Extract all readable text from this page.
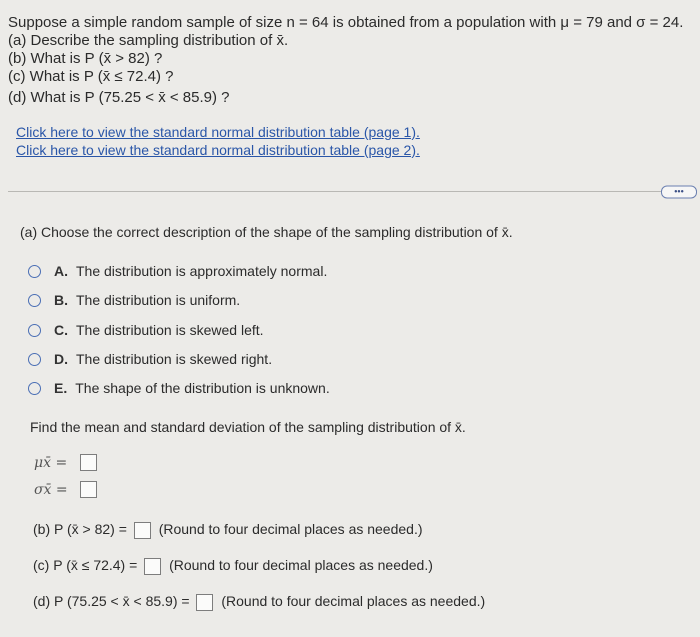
Suppose a simple random sample of size n = 64 is obtained from a population with μ = 79 and σ = 24.
(a) Describe the sampling distribution of x̄.
(b) What is P (x̄ > 82) ?
(c) What is P (x̄ ≤ 72.4) ?
(d) What is P (75.25 < x̄ < 85.9) ?
Click here to view the standard normal distribution table (page 1).
Click here to view the standard normal distribution table (page 2).
•••
(a) Choose the correct description of the shape of the sampling distribution of x̄.
A. The distribution is approximately normal.
B. The distribution is uniform.
C. The distribution is skewed left.
D. The distribution is skewed right.
E. The shape of the distribution is unknown.
Find the mean and standard deviation of the sampling distribution of x̄.
μx̄ =
σx̄ =
(b) P (x̄ > 82) = (Round to four decimal places as needed.)
(c) P (x̄ ≤ 72.4) = (Round to four decimal places as needed.)
(d) P (75.25 < x̄ < 85.9) = (Round to four decimal places as needed.)
